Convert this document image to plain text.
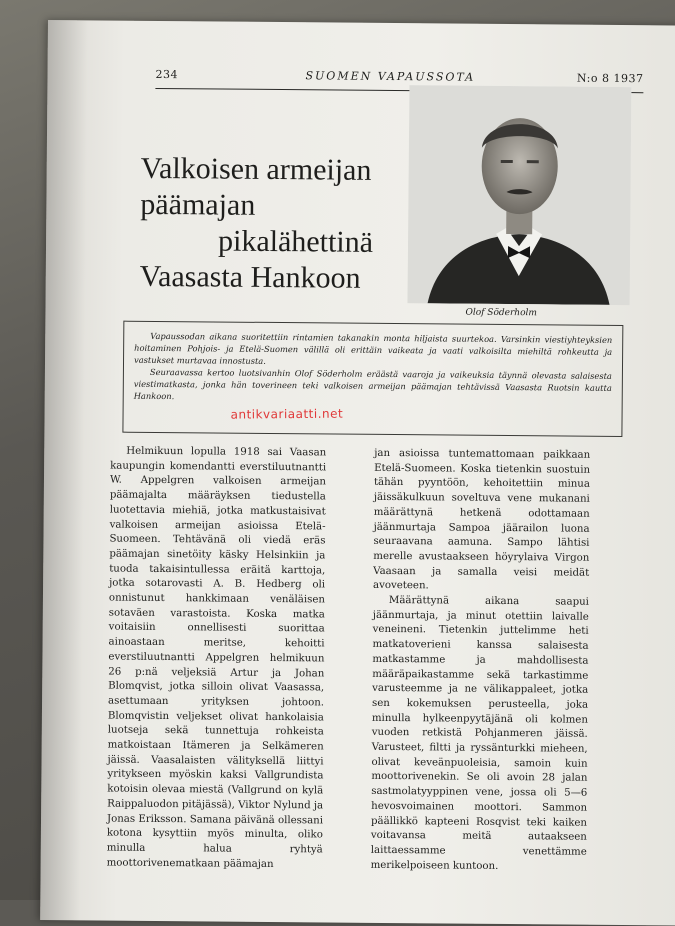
234	SUOMEN VAPAUSSOTA	N:o 8 1937
Valkoisen armeijan
päämajan
pikalähettinä
Vaasasta Hankoon
Olof Söderholm

Vapaussodan aikana suoritettiin rintamien takanakin monta hiljaista suurtekoa. Varsinkin viestiyhteyksien hoitaminen Pohjois- ja Etelä-Suomen välillä oli erittäin vaikeata ja vaati valkoisilta miehiltä rohkeutta ja vastukset murtavaa innostusta.

Seuraavassa kertoo luotsivanhin Olof Söderholm eräästä vaaroja ja vaikeuksia täynnä olevasta salaisesta viestimatkasta, jonka hän toverineen teki valkoisen armeijan päämajan tehtävissä Vaasasta Ruotsin kautta Hankoon.

antikvariaatti.net

Helmikuun lopulla 1918 sai Vaasan kaupungin komendantti everstiluutnantti W. Appelgren valkoisen armeijan päämajalta määräyksen tiedustella luotettavia miehiä, jotka matkustaisivat valkoisen armeijan asioissa Etelä-Suomeen. Tehtävänä oli viedä eräs päämajan sinetöity käsky Helsinkiin ja tuoda takaisintullessa eräitä karttoja, jotka sotarovasti A. B. Hedberg oli onnistunut hankkimaan venäläisen sotaväen varastoista. Koska matka voitaisiin onnellisesti suorittaa ainoastaan meritse, kehoitti everstiluutnantti Appelgren helmikuun 26 p:nä veljeksiä Artur ja Johan Blomqvist, jotka silloin olivat Vaasassa, asettumaan yrityksen johtoon. Blomqvistin veljekset olivat hankolaisia luotseja sekä tunnettuja rohkeista matkoistaan Itämeren ja Selkämeren jäissä. Vaasalaisten välityksellä liittyi yritykseen myöskin kaksi Vallgrundista kotoisin olevaa miestä (Vallgrund on kylä Raippaluodon pitäjässä), Viktor Nylund ja Jonas Eriksson. Samana päivänä ollessani kotona kysyttiin myös minulta, oliko minulla halua ryhtyä moottorivenematkaan päämajan

jan asioissa tuntemattomaan paikkaan Etelä-Suomeen. Koska tietenkin suostuin tähän pyyntöön, kehoitettiin minua jäissäkulkuun soveltuva vene mukanani määrättynä hetkenä odottamaan jäänmurtaja Sampoa jäärailon luona seuraavana aamuna. Sampo lähtisi merelle avustaakseen höyrylaiva Virgon Vaasaan ja samalla veisi meidät avoveteen.

Määrättynä aikana saapui jäänmurtaja, ja minut otettiin laivalle veneineni. Tietenkin juttelimme heti matkatoverieni kanssa salaisesta matkastamme ja mahdollisesta määräpaikastamme sekä tarkastimme varusteemme ja ne välikappaleet, jotka sen kokemuksen perusteella, joka minulla hylkeenpyytäjänä oli kolmen vuoden retkistä Pohjanmeren jäissä. Varusteet, filtti ja ryssänturkki mieheen, olivat keveänpuoleisia, samoin kuin moottorivenekin. Se oli avoin 28 jalan sastmolatyyppinen vene, jossa oli 5—6 hevosvoimainen moottori. Sammon päällikkö kapteeni Rosqvist teki kaiken voitavansa meitä autaakseen laittaessamme venettämme merikelpoiseen kuntoon.
